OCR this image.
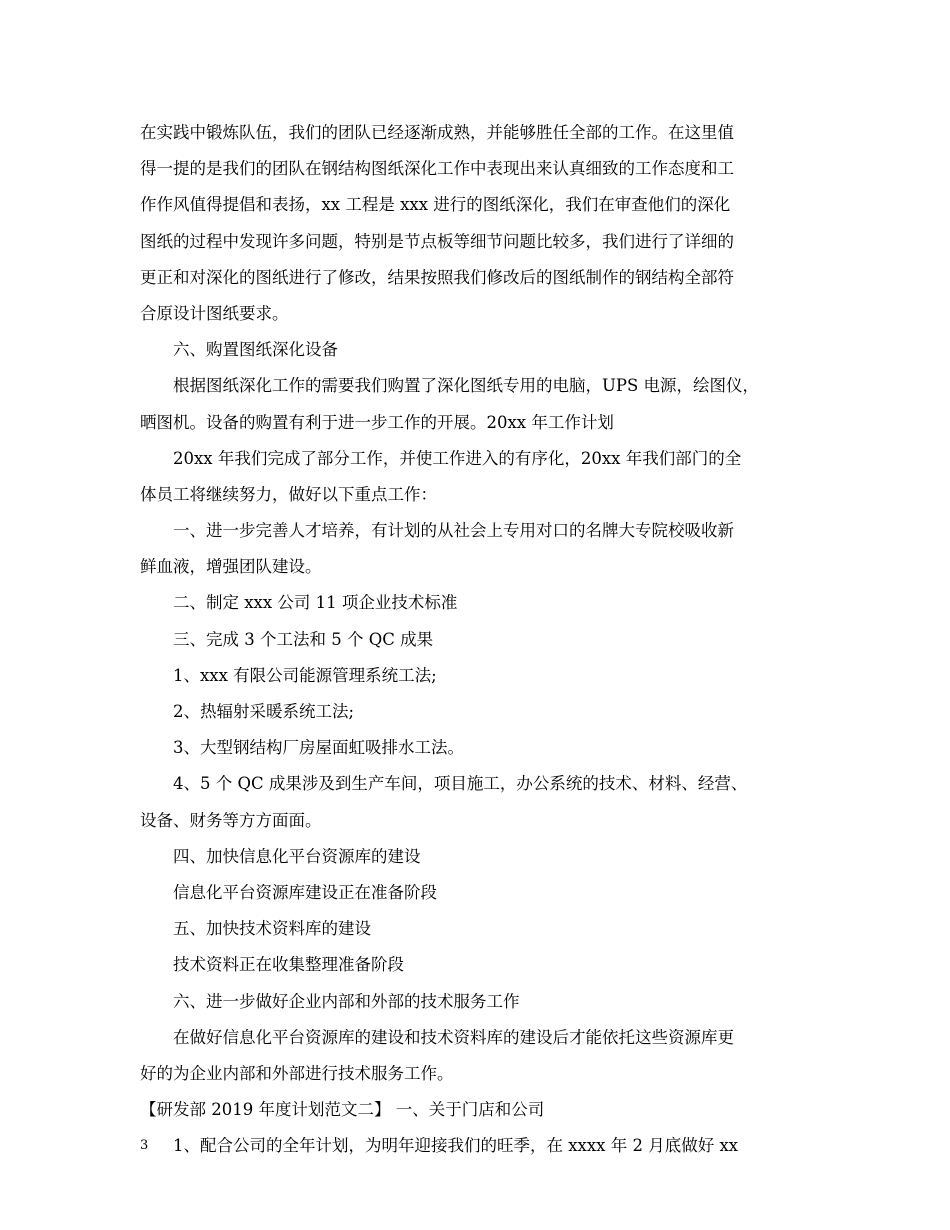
在实践中锻炼队伍，我们的团队已经逐渐成熟，并能够胜任全部的工作。在这里值
得一提的是我们的团队在钢结构图纸深化工作中表现出来认真细致的工作态度和工
作作风值得提倡和表扬，xx 工程是 xxx 进行的图纸深化，我们在审查他们的深化
图纸的过程中发现许多问题，特别是节点板等细节问题比较多，我们进行了详细的
更正和对深化的图纸进行了修改，结果按照我们修改后的图纸制作的钢结构全部符
合原设计图纸要求。
六、购置图纸深化设备
根据图纸深化工作的需要我们购置了深化图纸专用的电脑，UPS 电源，绘图仪，
晒图机。设备的购置有利于进一步工作的开展。20xx 年工作计划
20xx 年我们完成了部分工作，并使工作进入的有序化，20xx 年我们部门的全
体员工将继续努力，做好以下重点工作：
一、进一步完善人才培养，有计划的从社会上专用对口的名牌大专院校吸收新
鲜血液，增强团队建设。
二、制定 xxx 公司 11 项企业技术标准
三、完成 3 个工法和 5 个 QC 成果
1、xxx 有限公司能源管理系统工法;
2、热辐射采暖系统工法;
3、大型钢结构厂房屋面虹吸排水工法。
4、5 个 QC 成果涉及到生产车间，项目施工，办公系统的技术、材料、经营、
设备、财务等方方面面。
四、加快信息化平台资源库的建设
信息化平台资源库建设正在准备阶段
五、加快技术资料库的建设
技术资料正在收集整理准备阶段
六、进一步做好企业内部和外部的技术服务工作
在做好信息化平台资源库的建设和技术资料库的建设后才能依托这些资源库更
好的为企业内部和外部进行技术服务工作。
【研发部 2019 年度计划范文二】 一、关于门店和公司
1、配合公司的全年计划，为明年迎接我们的旺季，在 xxxx 年 2 月底做好 xx
3
